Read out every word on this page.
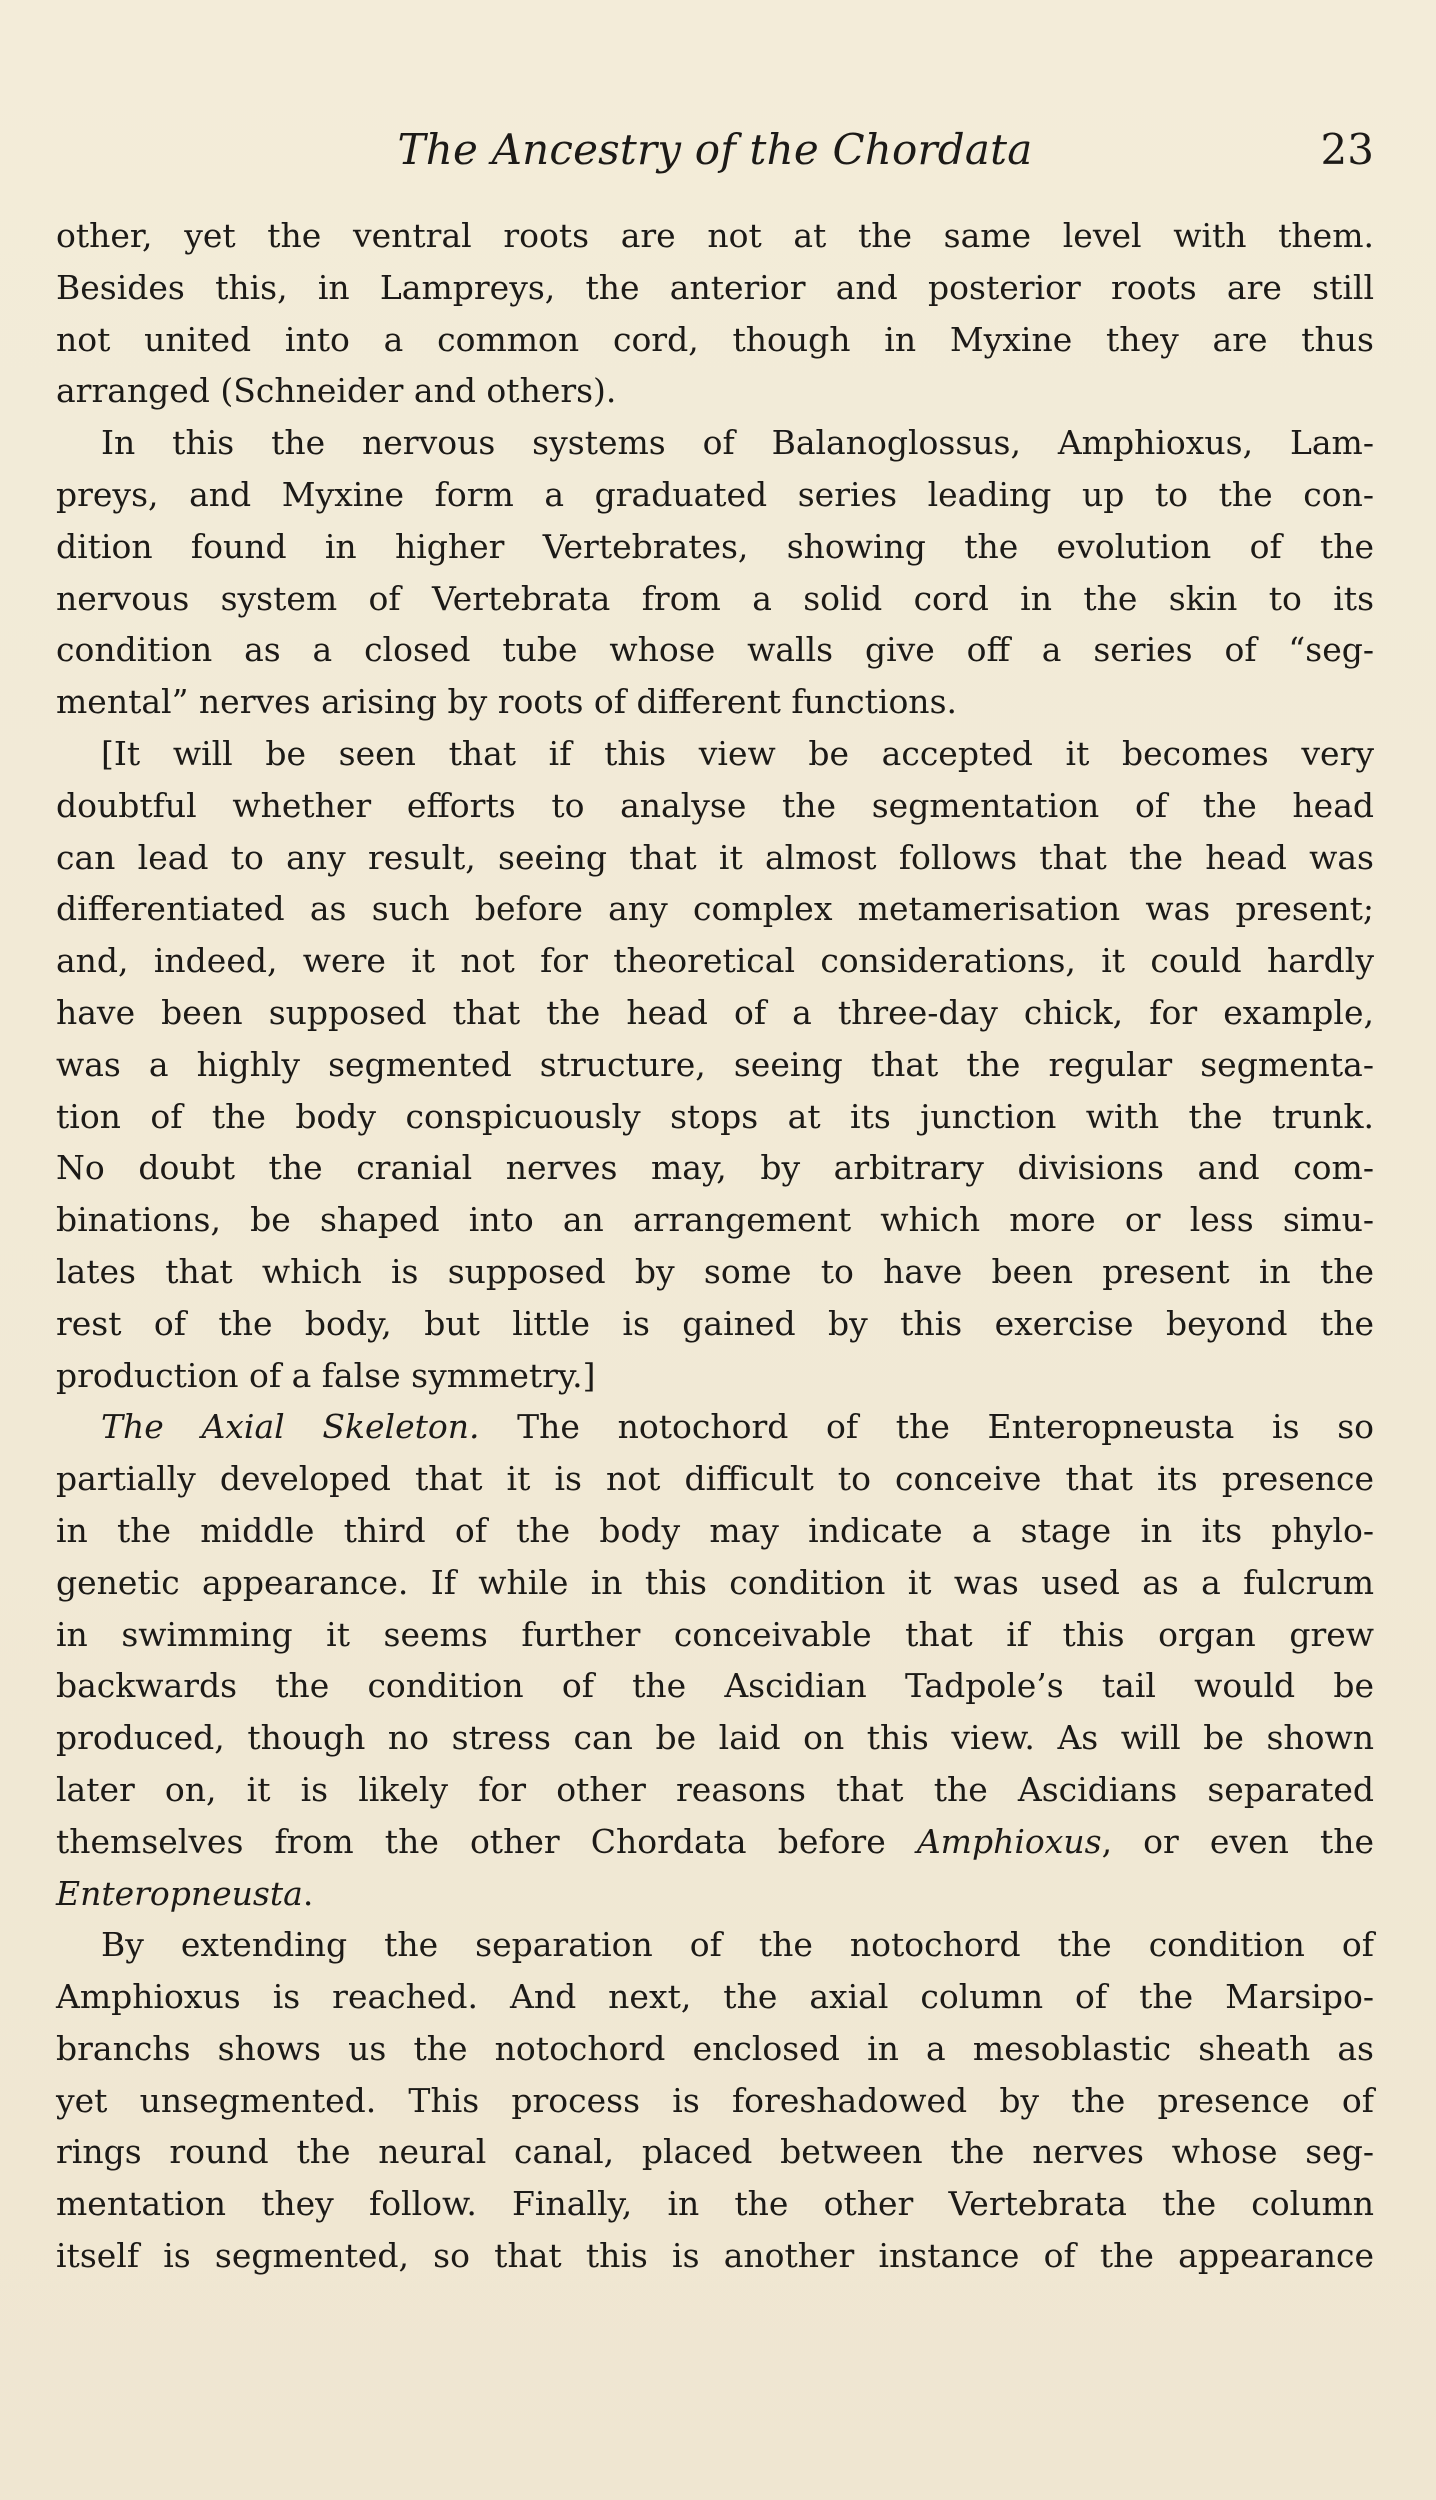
The Ancestry of the Chordata	23
other, yet the ventral roots are not at the same level with them.
Besides this, in Lampreys, the anterior and posterior roots are still
not united into a common cord, though in Myxine they are thus
arranged (Schneider and others).
In this the nervous systems of Balanoglossus, Amphioxus, Lam-
preys, and Myxine form a graduated series leading up to the con-
dition found in higher Vertebrates, showing the evolution of the
nervous system of Vertebrata from a solid cord in the skin to its
condition as a closed tube whose walls give off a series of “seg-
mental” nerves arising by roots of different functions.
[It will be seen that if this view be accepted it becomes very
doubtful whether efforts to analyse the segmentation of the head
can lead to any result, seeing that it almost follows that the head was
differentiated as such before any complex metamerisation was present;
and, indeed, were it not for theoretical considerations, it could hardly
have been supposed that the head of a three-day chick, for example,
was a highly segmented structure, seeing that the regular segmenta-
tion of the body conspicuously stops at its junction with the trunk.
No doubt the cranial nerves may, by arbitrary divisions and com-
binations, be shaped into an arrangement which more or less simu-
lates that which is supposed by some to have been present in the
rest of the body, but little is gained by this exercise beyond the
production of a false symmetry.]
The Axial Skeleton. The notochord of the Enteropneusta is so
partially developed that it is not difficult to conceive that its presence
in the middle third of the body may indicate a stage in its phylo-
genetic appearance. If while in this condition it was used as a fulcrum
in swimming it seems further conceivable that if this organ grew
backwards the condition of the Ascidian Tadpole’s tail would be
produced, though no stress can be laid on this view. As will be shown
later on, it is likely for other reasons that the Ascidians separated
themselves from the other Chordata before Amphioxus, or even the
Enteropneusta.
By extending the separation of the notochord the condition of
Amphioxus is reached. And next, the axial column of the Marsipo-
branchs shows us the notochord enclosed in a mesoblastic sheath as
yet unsegmented. This process is foreshadowed by the presence of
rings round the neural canal, placed between the nerves whose seg-
mentation they follow. Finally, in the other Vertebrata the column
itself is segmented, so that this is another instance of the appearance
